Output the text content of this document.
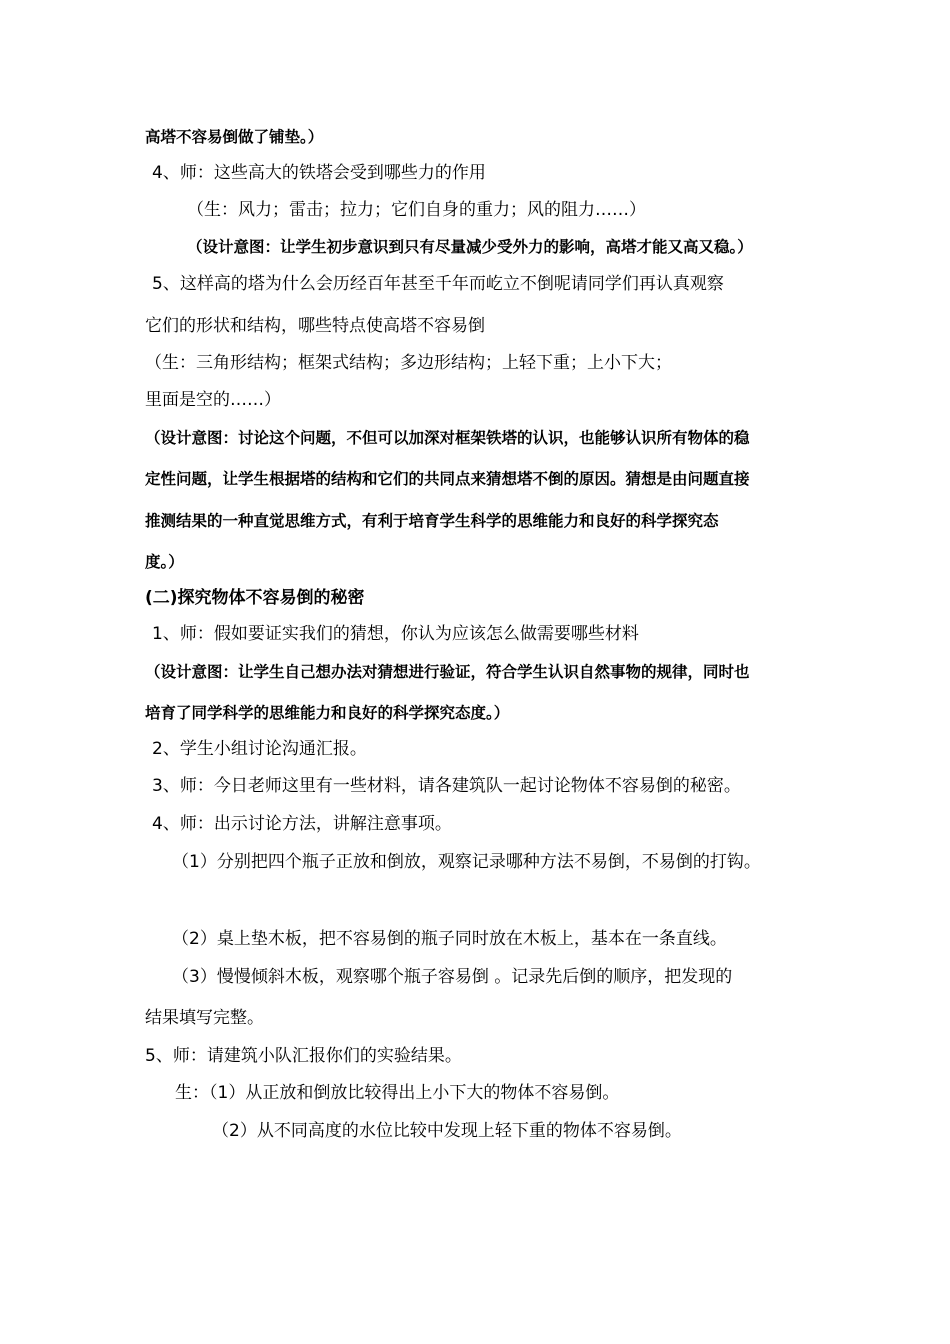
高塔不容易倒做了铺垫。）
4、师：这些高大的铁塔会受到哪些力的作用
（生：风力；雷击；拉力；它们自身的重力；风的阻力……）
（设计意图：让学生初步意识到只有尽量减少受外力的影响，高塔才能又高又稳。）
5、这样高的塔为什么会历经百年甚至千年而屹立不倒呢请同学们再认真观察
它们的形状和结构，哪些特点使高塔不容易倒
（生：三角形结构；框架式结构；多边形结构；上轻下重；上小下大；
里面是空的……）
（设计意图：讨论这个问题，不但可以加深对框架铁塔的认识，也能够认识所有物体的稳
定性问题，让学生根据塔的结构和它们的共同点来猜想塔不倒的原因。猜想是由问题直接
推测结果的一种直觉思维方式，有利于培育学生科学的思维能力和良好的科学探究态
度。）
(二)探究物体不容易倒的秘密
1、师：假如要证实我们的猜想，你认为应该怎么做需要哪些材料
（设计意图：让学生自己想办法对猜想进行验证，符合学生认识自然事物的规律，同时也
培育了同学科学的思维能力和良好的科学探究态度。）
2、学生小组讨论沟通汇报。
3、师：今日老师这里有一些材料，请各建筑队一起讨论物体不容易倒的秘密。
4、师：出示讨论方法，讲解注意事项。
（1）分别把四个瓶子正放和倒放，观察记录哪种方法不易倒，不易倒的打钩。
（2）桌上垫木板，把不容易倒的瓶子同时放在木板上，基本在一条直线。
（3）慢慢倾斜木板，观察哪个瓶子容易倒 。记录先后倒的顺序，把发现的
结果填写完整。
5、师：请建筑小队汇报你们的实验结果。
生：（1）从正放和倒放比较得出上小下大的物体不容易倒。
（2）从不同高度的水位比较中发现上轻下重的物体不容易倒。
